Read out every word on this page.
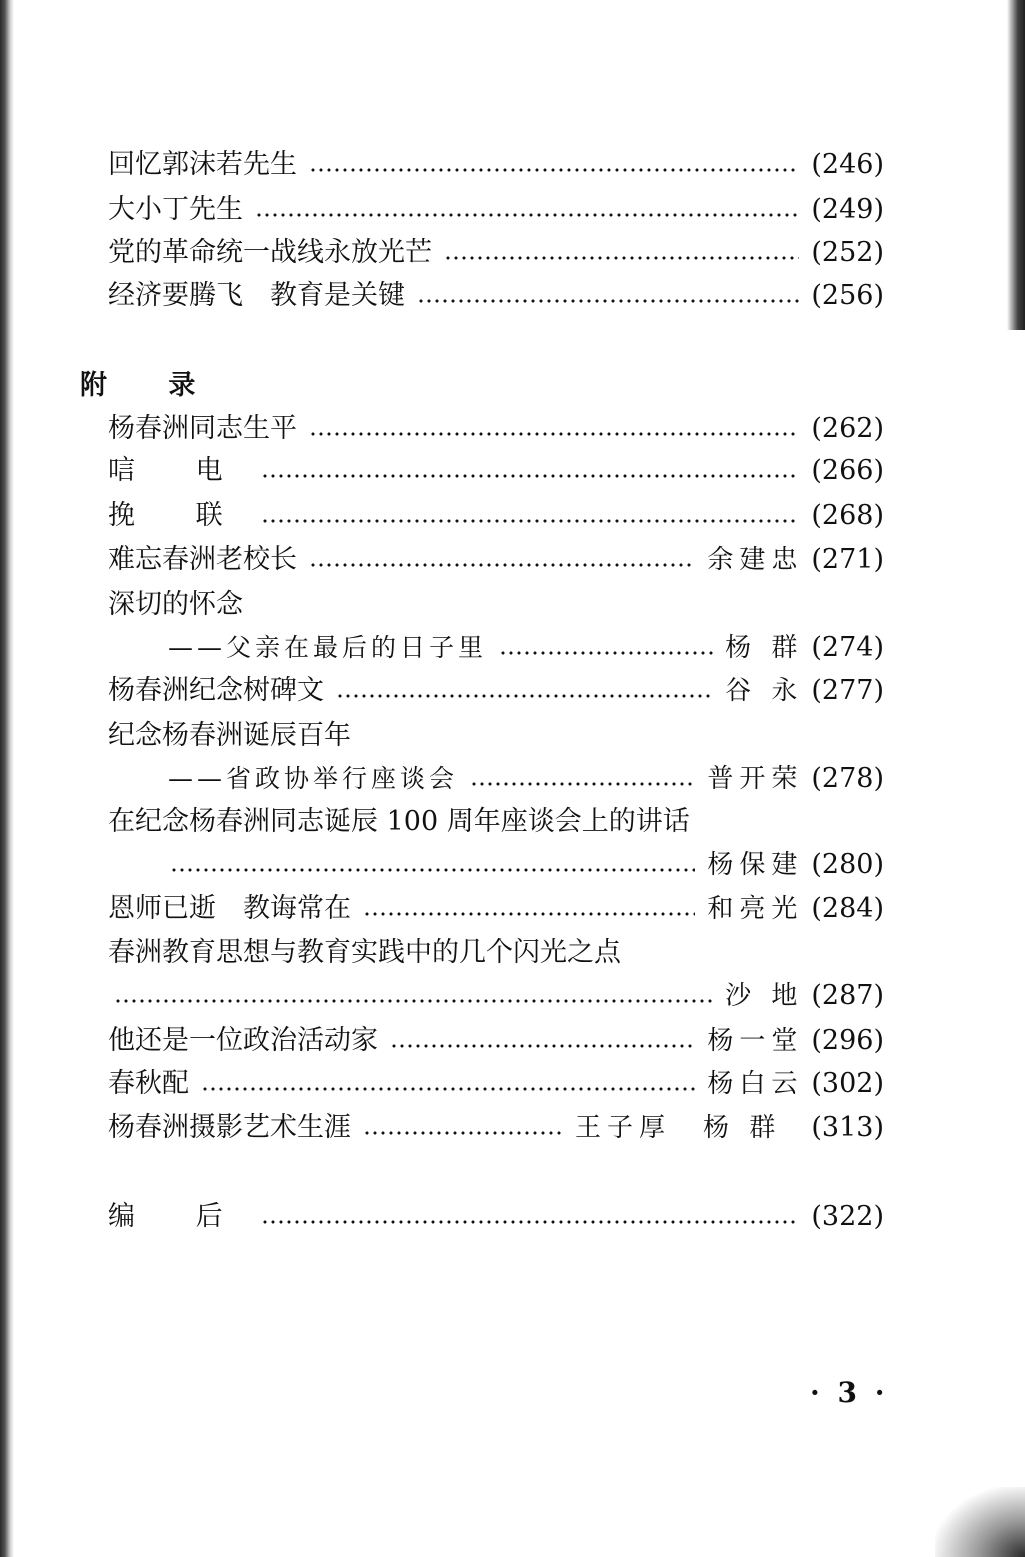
回忆郭沫若先生	(246)
大小丁先生	(249)
党的革命统一战线永放光芒	(252)
经济要腾飞　教育是关键	(256)
附 录
杨春洲同志生平	(262)
唁 电	(266)
挽 联	(268)
难忘春洲老校长	余建忠 (271)
深切的怀念
——父亲在最后的日子里	杨 群 (274)
杨春洲纪念树碑文	谷 永 (277)
纪念杨春洲诞辰百年
——省政协举行座谈会	普开荣 (278)
在纪念杨春洲同志诞辰 100 周年座谈会上的讲话
杨保建 (280)
恩师已逝　教诲常在	和亮光 (284)
春洲教育思想与教育实践中的几个闪光之点
沙 地 (287)
他还是一位政治活动家	杨一堂 (296)
春秋配	杨白云 (302)
杨春洲摄影艺术生涯	王子厚　杨 群	(313)
编 后	(322)
· 3 ·
